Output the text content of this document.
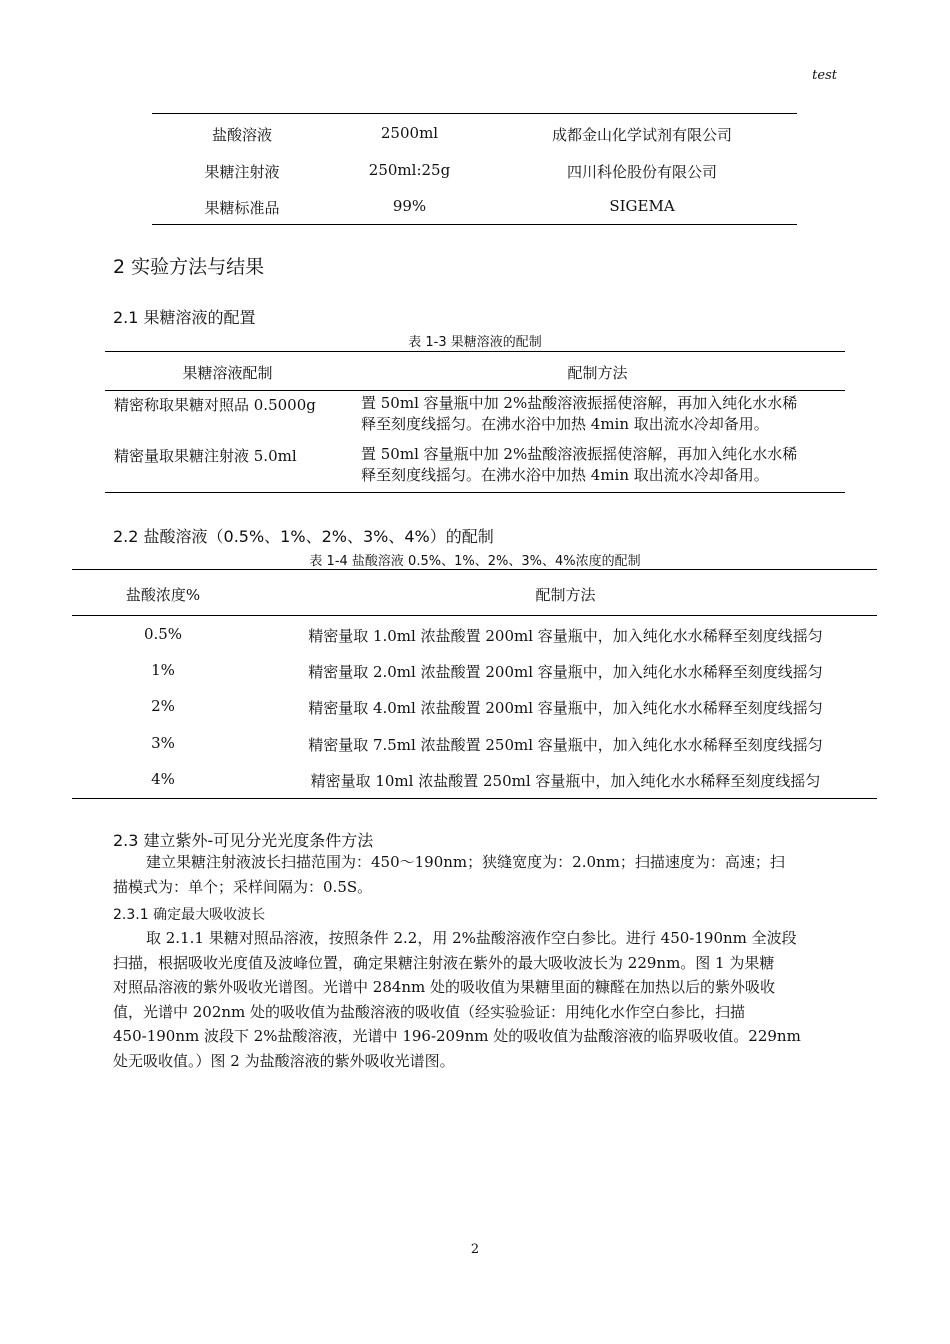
test
盐酸溶液	2500ml	成都金山化学试剂有限公司
果糖注射液	250ml:25g	四川科伦股份有限公司
果糖标准品	99%	SIGEMA
2 实验方法与结果
2.1 果糖溶液的配置
表 1-3 果糖溶液的配制
果糖溶液配制	配制方法
精密称取果糖对照品 0.5000g	置 50ml 容量瓶中加 2%盐酸溶液振摇使溶解，再加入纯化水水稀
释至刻度线摇匀。在沸水浴中加热 4min 取出流水冷却备用。
精密量取果糖注射液 5.0ml	置 50ml 容量瓶中加 2%盐酸溶液振摇使溶解，再加入纯化水水稀
释至刻度线摇匀。在沸水浴中加热 4min 取出流水冷却备用。
2.2 盐酸溶液（0.5%、1%、2%、3%、4%）的配制
表 1-4 盐酸溶液 0.5%、1%、2%、3%、4%浓度的配制
盐酸浓度%	配制方法
0.5%	精密量取 1.0ml 浓盐酸置 200ml 容量瓶中，加入纯化水水稀释至刻度线摇匀
1%	精密量取 2.0ml 浓盐酸置 200ml 容量瓶中，加入纯化水水稀释至刻度线摇匀
2%	精密量取 4.0ml 浓盐酸置 200ml 容量瓶中，加入纯化水水稀释至刻度线摇匀
3%	精密量取 7.5ml 浓盐酸置 250ml 容量瓶中，加入纯化水水稀释至刻度线摇匀
4%	精密量取 10ml 浓盐酸置 250ml 容量瓶中，加入纯化水水稀释至刻度线摇匀
2.3 建立紫外-可见分光光度条件方法
建立果糖注射液波长扫描范围为：450～190nm；狭缝宽度为：2.0nm；扫描速度为：高速；扫
描模式为：单个；采样间隔为：0.5S。
2.3.1 确定最大吸收波长
取 2.1.1 果糖对照品溶液，按照条件 2.2，用 2%盐酸溶液作空白参比。进行 450-190nm 全波段
扫描，根据吸收光度值及波峰位置，确定果糖注射液在紫外的最大吸收波长为 229nm。图 1 为果糖
对照品溶液的紫外吸收光谱图。光谱中 284nm 处的吸收值为果糖里面的糠醛在加热以后的紫外吸收
值，光谱中 202nm 处的吸收值为盐酸溶液的吸收值（经实验验证：用纯化水作空白参比，扫描
450-190nm 波段下 2%盐酸溶液，光谱中 196-209nm 处的吸收值为盐酸溶液的临界吸收值。229nm
处无吸收值。）图 2 为盐酸溶液的紫外吸收光谱图。
2
